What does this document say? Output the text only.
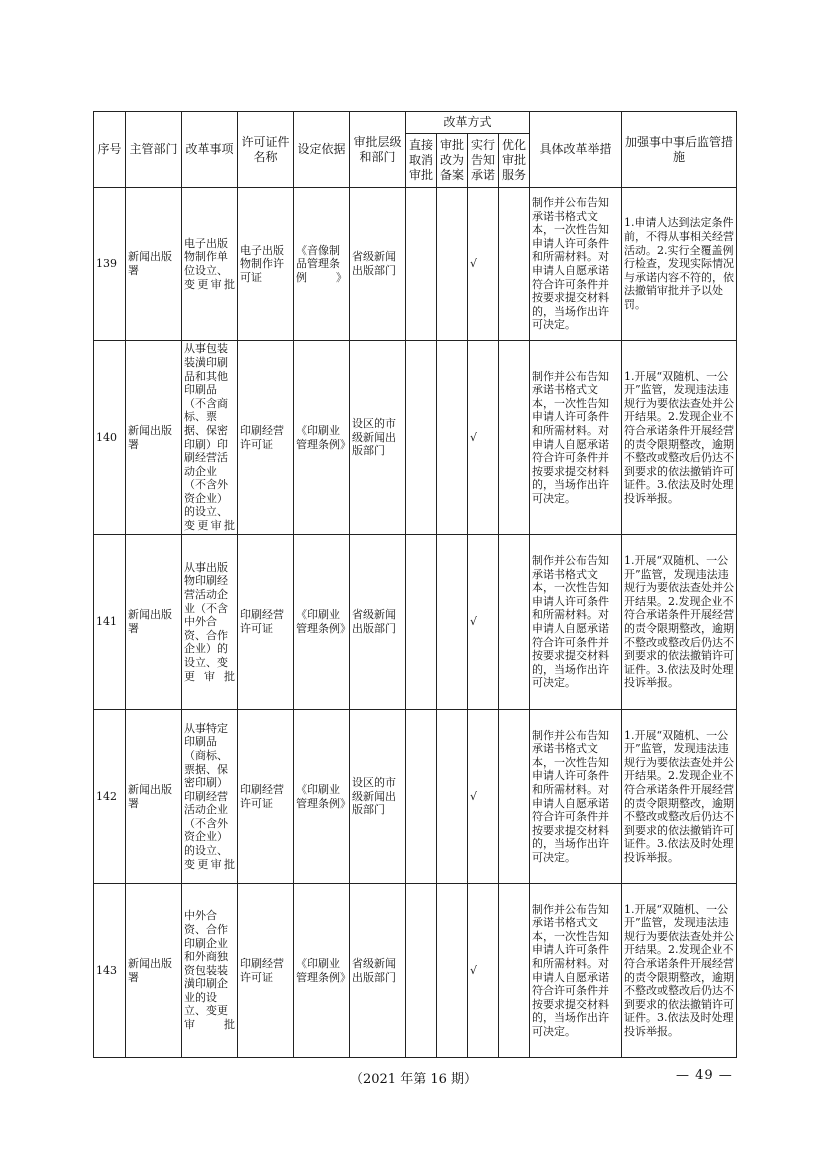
序号	主管部门	改革事项	许可证件名称	设定依据	审批层级和部门	改革方式				具体改革举措	加强事中事后监管措施
						直接取消审批	审批改为备案	实行告知承诺	优化审批服务		
139	新闻出版署	电子出版物制作单位设立、变更审批	电子出版物制作许可证	《音像制品管理条例》	省级新闻出版部门			√		制作并公布告知承诺书格式文本，一次性告知申请人许可条件和所需材料。对申请人自愿承诺符合许可条件并按要求提交材料的，当场作出许可决定。	1.申请人达到法定条件前，不得从事相关经营活动。2.实行全覆盖例行检查，发现实际情况与承诺内容不符的，依法撤销审批并予以处罚。
140	新闻出版署	从事包装装潢印刷品和其他印刷品（不含商标、票据、保密印刷）印刷经营活动企业（不含外资企业）的设立、变更审批	印刷经营许可证	《印刷业管理条例》	设区的市级新闻出版部门			√		制作并公布告知承诺书格式文本，一次性告知申请人许可条件和所需材料。对申请人自愿承诺符合许可条件并按要求提交材料的，当场作出许可决定。	1.开展“双随机、一公开”监管，发现违法违规行为要依法查处并公开结果。2.发现企业不符合承诺条件开展经营的责令限期整改，逾期不整改或整改后仍达不到要求的依法撤销许可证件。3.依法及时处理投诉举报。
141	新闻出版署	从事出版物印刷经营活动企业（不含中外合资、合作企业）的设立、变更审批	印刷经营许可证	《印刷业管理条例》	省级新闻出版部门			√		制作并公布告知承诺书格式文本，一次性告知申请人许可条件和所需材料。对申请人自愿承诺符合许可条件并按要求提交材料的，当场作出许可决定。	1.开展“双随机、一公开”监管，发现违法违规行为要依法查处并公开结果。2.发现企业不符合承诺条件开展经营的责令限期整改，逾期不整改或整改后仍达不到要求的依法撤销许可证件。3.依法及时处理投诉举报。
142	新闻出版署	从事特定印刷品（商标、票据、保密印刷）印刷经营活动企业（不含外资企业）的设立、变更审批	印刷经营许可证	《印刷业管理条例》	设区的市级新闻出版部门			√		制作并公布告知承诺书格式文本，一次性告知申请人许可条件和所需材料。对申请人自愿承诺符合许可条件并按要求提交材料的，当场作出许可决定。	1.开展“双随机、一公开”监管，发现违法违规行为要依法查处并公开结果。2.发现企业不符合承诺条件开展经营的责令限期整改，逾期不整改或整改后仍达不到要求的依法撤销许可证件。3.依法及时处理投诉举报。
143	新闻出版署	中外合资、合作印刷企业和外商独资包装装潢印刷企业的设立、变更审批	印刷经营许可证	《印刷业管理条例》	省级新闻出版部门			√		制作并公布告知承诺书格式文本，一次性告知申请人许可条件和所需材料。对申请人自愿承诺符合许可条件并按要求提交材料的，当场作出许可决定。	1.开展“双随机、一公开”监管，发现违法违规行为要依法查处并公开结果。2.发现企业不符合承诺条件开展经营的责令限期整改，逾期不整改或整改后仍达不到要求的依法撤销许可证件。3.依法及时处理投诉举报。
（2021 年第 16 期）	— 49 —
